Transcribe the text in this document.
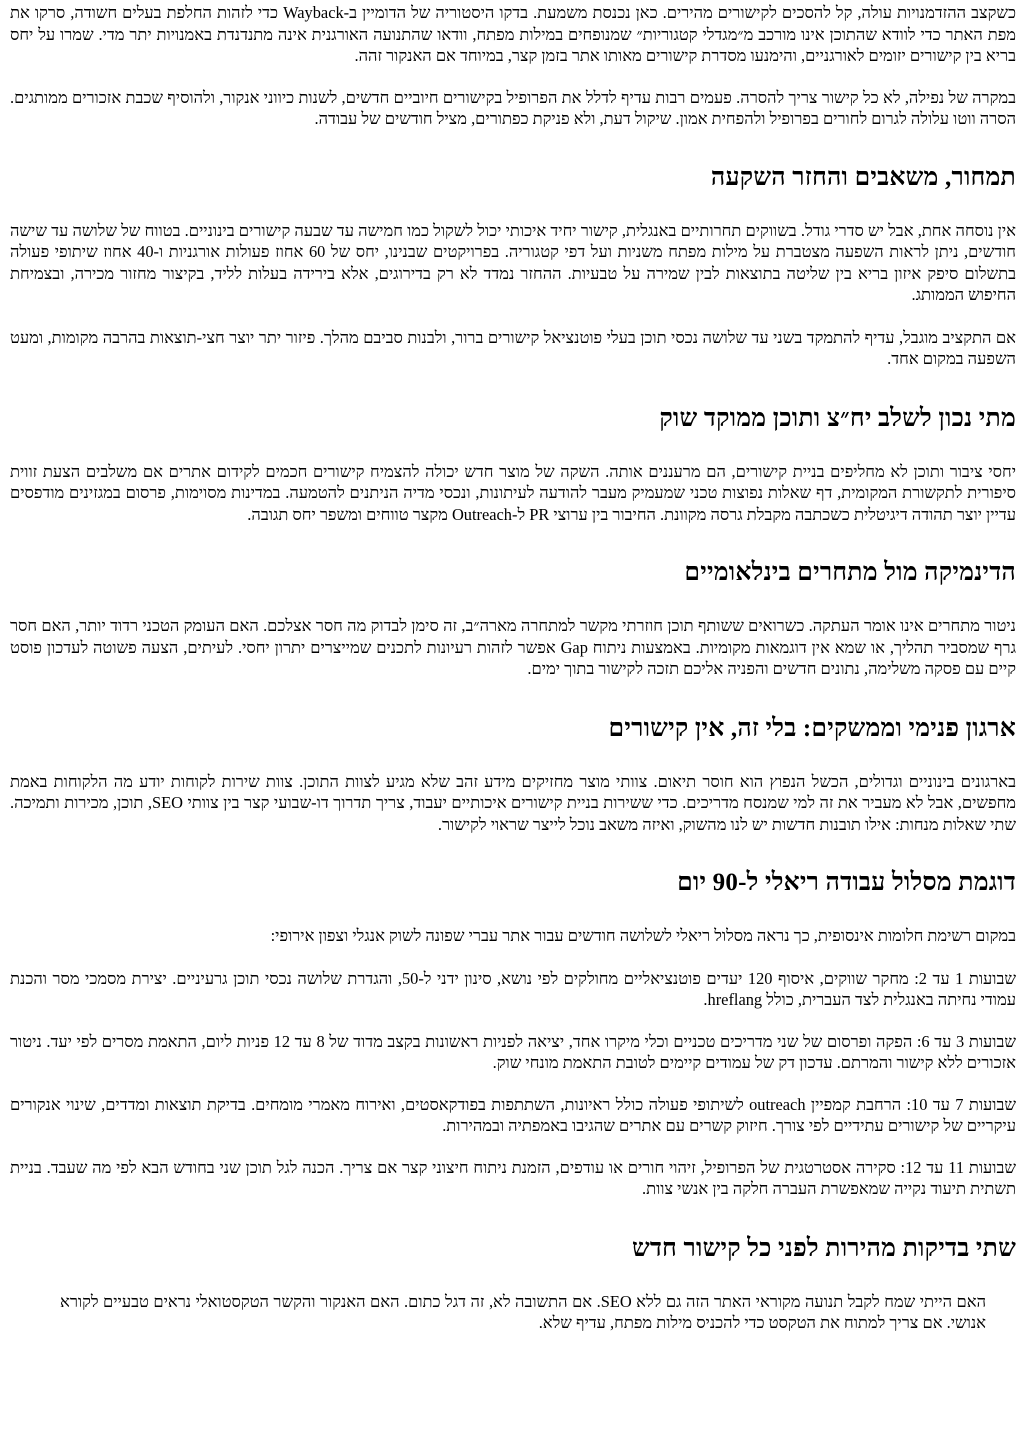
כשקצב ההזדמנויות עולה, קל להסכים לקישורים מהירים. כאן נכנסת משמעת. בדקו היסטוריה של הדומיין ב-Wayback כדי לזהות החלפת בעלים חשודה, סרקו את מפת האתר כדי לוודא שהתוכן אינו מורכב מ״מגדלי קטגוריות״ שמנופחים במילות מפתח, וודאו שהתנועה האורגנית אינה מתנדנדת באמנויות יתר מדי. שמרו על יחס בריא בין קישורים יזומים לאורגניים, והימנעו מסדרת קישורים מאותו אתר בזמן קצר, במיוחד אם האנקור זהה.

במקרה של נפילה, לא כל קישור צריך להסרה. פעמים רבות עדיף לדלל את הפרופיל בקישורים חיוביים חדשים, לשנות כיווני אנקור, ולהוסיף שכבת אזכורים ממותגים. הסרה ווטו עלולה לגרום לחורים בפרופיל ולהפחית אמון. שיקול דעת, ולא פניקת כפתורים, מציל חודשים של עבודה.

תמחור, משאבים והחזר השקעה

אין נוסחה אחת, אבל יש סדרי גודל. בשווקים תחרותיים באנגלית, קישור יחיד איכותי יכול לשקול כמו חמישה עד שבעה קישורים בינוניים. בטווח של שלושה עד שישה חודשים, ניתן לראות השפעה מצטברת על מילות מפתח משניות ועל דפי קטגוריה. בפרויקטים שבנינו, יחס של 60 אחוז פעולות אורגניות ו-40 אחוז שיתופי פעולה בתשלום סיפק איזון בריא בין שליטה בתוצאות לבין שמירה על טבעיות. ההחזר נמדד לא רק בדירוגים, אלא בירידה בעלות לליד, בקיצור מחזור מכירה, ובצמיחת החיפוש הממותג.

אם התקציב מוגבל, עדיף להתמקד בשני עד שלושה נכסי תוכן בעלי פוטנציאל קישורים ברור, ולבנות סביבם מהלך. פיזור יתר יוצר חצי-תוצאות בהרבה מקומות, ומעט השפעה במקום אחד.

מתי נכון לשלב יח״צ ותוכן ממוקד שוק

יחסי ציבור ותוכן לא מחליפים בניית קישורים, הם מרעננים אותה. השקה של מוצר חדש יכולה להצמיח קישורים חכמים לקידום אתרים אם משלבים הצעת זווית סיפורית לתקשורת המקומית, דף שאלות נפוצות טכני שמעמיק מעבר להודעה לעיתונות, ונכסי מדיה הניתנים להטמעה. במדינות מסוימות, פרסום במגזינים מודפסים עדיין יוצר תהודה דיגיטלית כשכתבה מקבלת גרסה מקוונת. החיבור בין ערוצי PR ל-Outreach מקצר טווחים ומשפר יחס תגובה.

הדינמיקה מול מתחרים בינלאומיים

ניטור מתחרים אינו אומר העתקה. כשרואים ששותף תוכן חוזרתי מקשר למתחרה מארה״ב, זה סימן לבדוק מה חסר אצלכם. האם העומק הטכני רדוד יותר, האם חסר גרף שמסביר תהליך, או שמא אין דוגמאות מקומיות. באמצעות ניתוח Gap אפשר לזהות רעיונות לתכנים שמייצרים יתרון יחסי. לעיתים, הצעה פשוטה לעדכון פוסט קיים עם פסקה משלימה, נתונים חדשים והפניה אליכם תזכה לקישור בתוך ימים.

ארגון פנימי וממשקים: בלי זה, אין קישורים

בארגונים בינוניים וגדולים, הכשל הנפוץ הוא חוסר תיאום. צוותי מוצר מחזיקים מידע זהב שלא מגיע לצוות התוכן. צוות שירות לקוחות יודע מה הלקוחות באמת מחפשים, אבל לא מעביר את זה למי שמנסח מדריכים. כדי ששירות בניית קישורים איכותיים יעבוד, צריך תדרוך דו-שבועי קצר בין צוותי SEO, תוכן, מכירות ותמיכה. שתי שאלות מנחות: אילו תובנות חדשות יש לנו מהשוק, ואיזה משאב נוכל לייצר שראוי לקישור.

דוגמת מסלול עבודה ריאלי ל-90 יום

במקום רשימת חלומות אינסופית, כך נראה מסלול ריאלי לשלושה חודשים עבור אתר עברי שפונה לשוק אנגלי וצפון אירופי:

שבועות 1 עד 2: מחקר שווקים, איסוף 120 יעדים פוטנציאליים מחולקים לפי נושא, סינון ידני ל-50, והגדרת שלושה נכסי תוכן גרעיניים. יצירת מסמכי מסר והכנת עמודי נחיתה באנגלית לצד העברית, כולל hreflang.

שבועות 3 עד 6: הפקה ופרסום של שני מדריכים טכניים וכלי מיקרו אחד, יציאה לפניות ראשונות בקצב מדוד של 8 עד 12 פניות ליום, התאמת מסרים לפי יעד. ניטור אזכורים ללא קישור והמרתם. עדכון דק של עמודים קיימים לטובת התאמת מונחי שוק.

שבועות 7 עד 10: הרחבת קמפיין outreach לשיתופי פעולה כולל ראיונות, השתתפות בפודקאסטים, ואירוח מאמרי מומחים. בדיקת תוצאות ומדדים, שינוי אנקורים עיקריים של קישורים עתידיים לפי צורך. חיזוק קשרים עם אתרים שהגיבו באמפתיה ובמהירות.

שבועות 11 עד 12: סקירה אסטרטגית של הפרופיל, זיהוי חורים או עודפים, הזמנת ניתוח חיצוני קצר אם צריך. הכנה לגל תוכן שני בחודש הבא לפי מה שעבד. בניית תשתית תיעוד נקייה שמאפשרת העברה חלקה בין אנשי צוות.

שתי בדיקות מהירות לפני כל קישור חדש

האם הייתי שמח לקבל תנועה מקוראי האתר הזה גם ללא SEO. אם התשובה לא, זה דגל כתום. האם האנקור והקשר הטקסטואלי נראים טבעיים לקורא אנושי. אם צריך למתוח את הטקסט כדי להכניס מילות מפתח, עדיף שלא.
